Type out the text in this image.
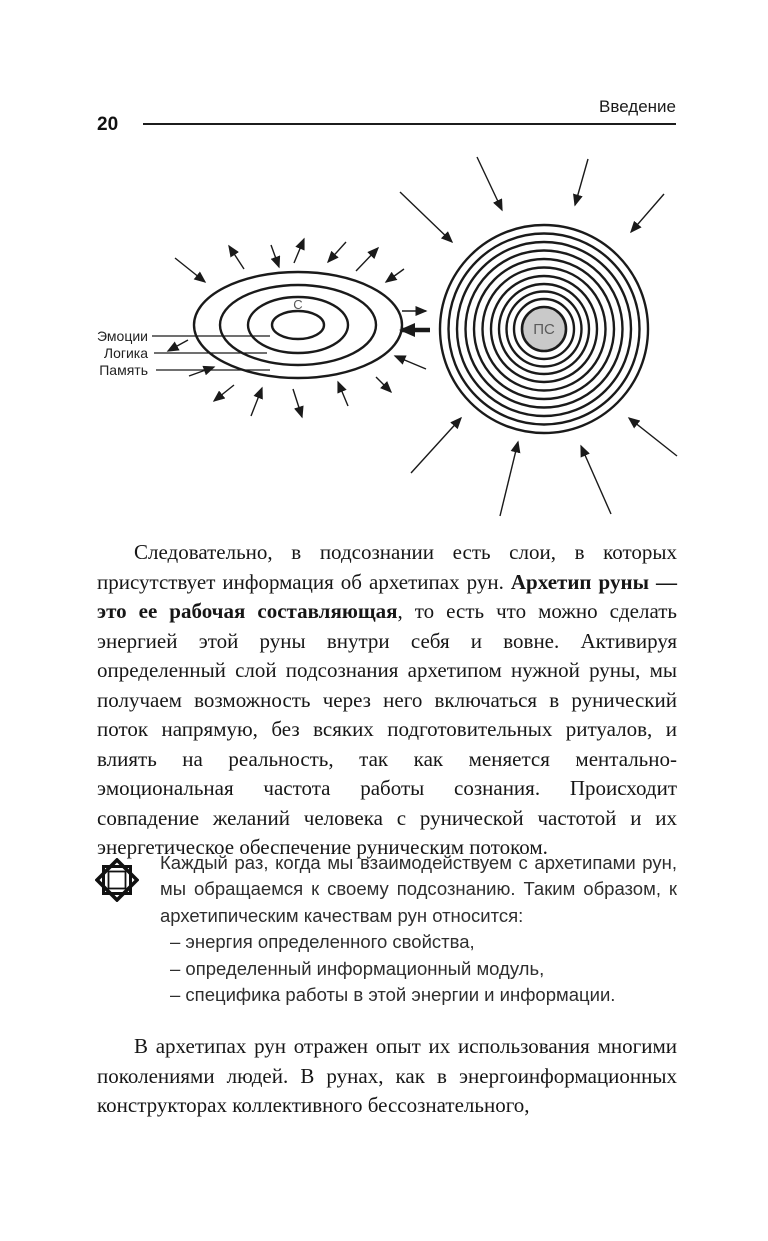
20
Введение
С
Эмоции
Логика
Память
ПС

Следовательно, в подсознании есть слои, в которых присутствует информация об архетипах рун. Архетип руны — это ее рабочая составляющая, то есть что можно сделать энергией этой руны внутри себя и вовне. Активируя определенный слой подсознания архетипом нужной руны, мы получаем возможность через него включаться в рунический поток напрямую, без всяких подготовительных ритуалов, и влиять на реальность, так как меняется ментально-эмоциональная частота работы сознания. Происходит совпадение желаний человека с рунической частотой и их энергетическое обеспечение руническим потоком.

Каждый раз, когда мы взаимодействуем с архетипами рун, мы обращаемся к своему подсознанию. Таким образом, к архетипическим качествам рун относится:

– энергия определенного свойства,
– определенный информационный модуль,
– специфика работы в этой энергии и информации.

В архетипах рун отражен опыт их использования многими поколениями людей. В рунах, как в энергоинформационных конструкторах коллективного бессознательного,
